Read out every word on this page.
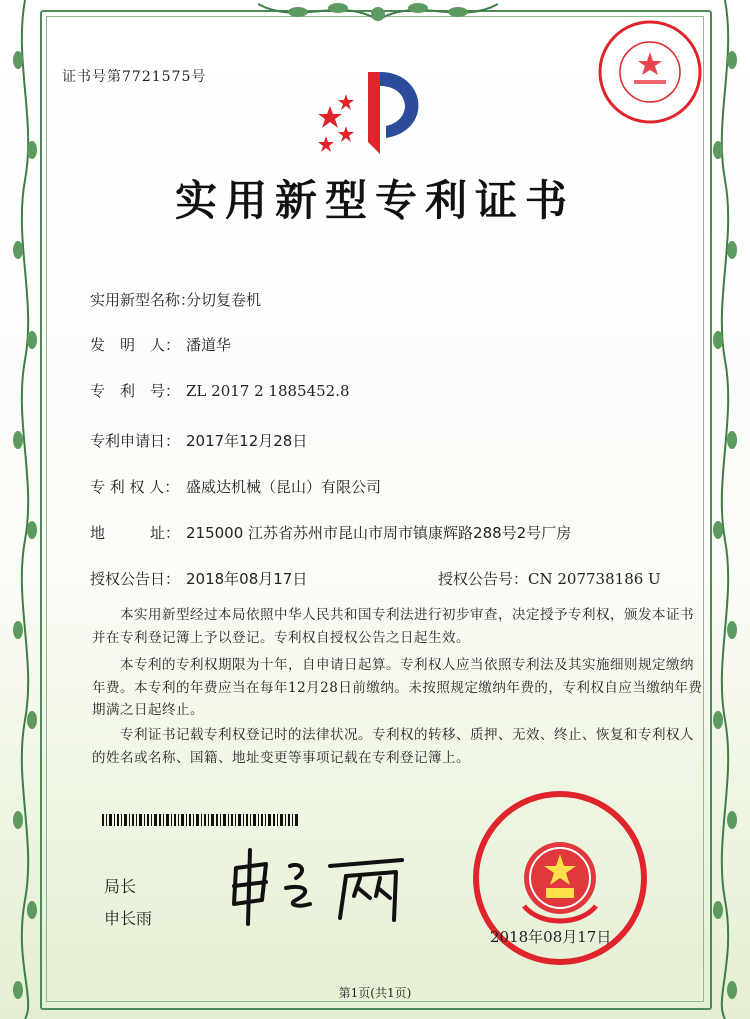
证书号第7721575号
实用新型专利证书
实用新型名称：分切复卷机
发　明　人： 潘道华
专　利　号： ZL 2017 2 1885452.8
专利申请日： 2017年12月28日
专 利 权 人： 盛威达机械（昆山）有限公司
地　　　址： 215000 江苏省苏州市昆山市周市镇康辉路288号2号厂房
授权公告日： 2018年08月17日	授权公告号：CN 207738186 U
本实用新型经过本局依照中华人民共和国专利法进行初步审查，决定授予专利权，颁发本证书并在专利登记簿上予以登记。专利权自授权公告之日起生效。
本专利的专利权期限为十年，自申请日起算。专利权人应当依照专利法及其实施细则规定缴纳年费。本专利的年费应当在每年12月28日前缴纳。未按照规定缴纳年费的，专利权自应当缴纳年费期满之日起终止。
专利证书记载专利权登记时的法律状况。专利权的转移、质押、无效、终止、恢复和专利权人的姓名或名称、国籍、地址变更等事项记载在专利登记簿上。
局长
申长雨
2018年08月17日
第1页(共1页)
